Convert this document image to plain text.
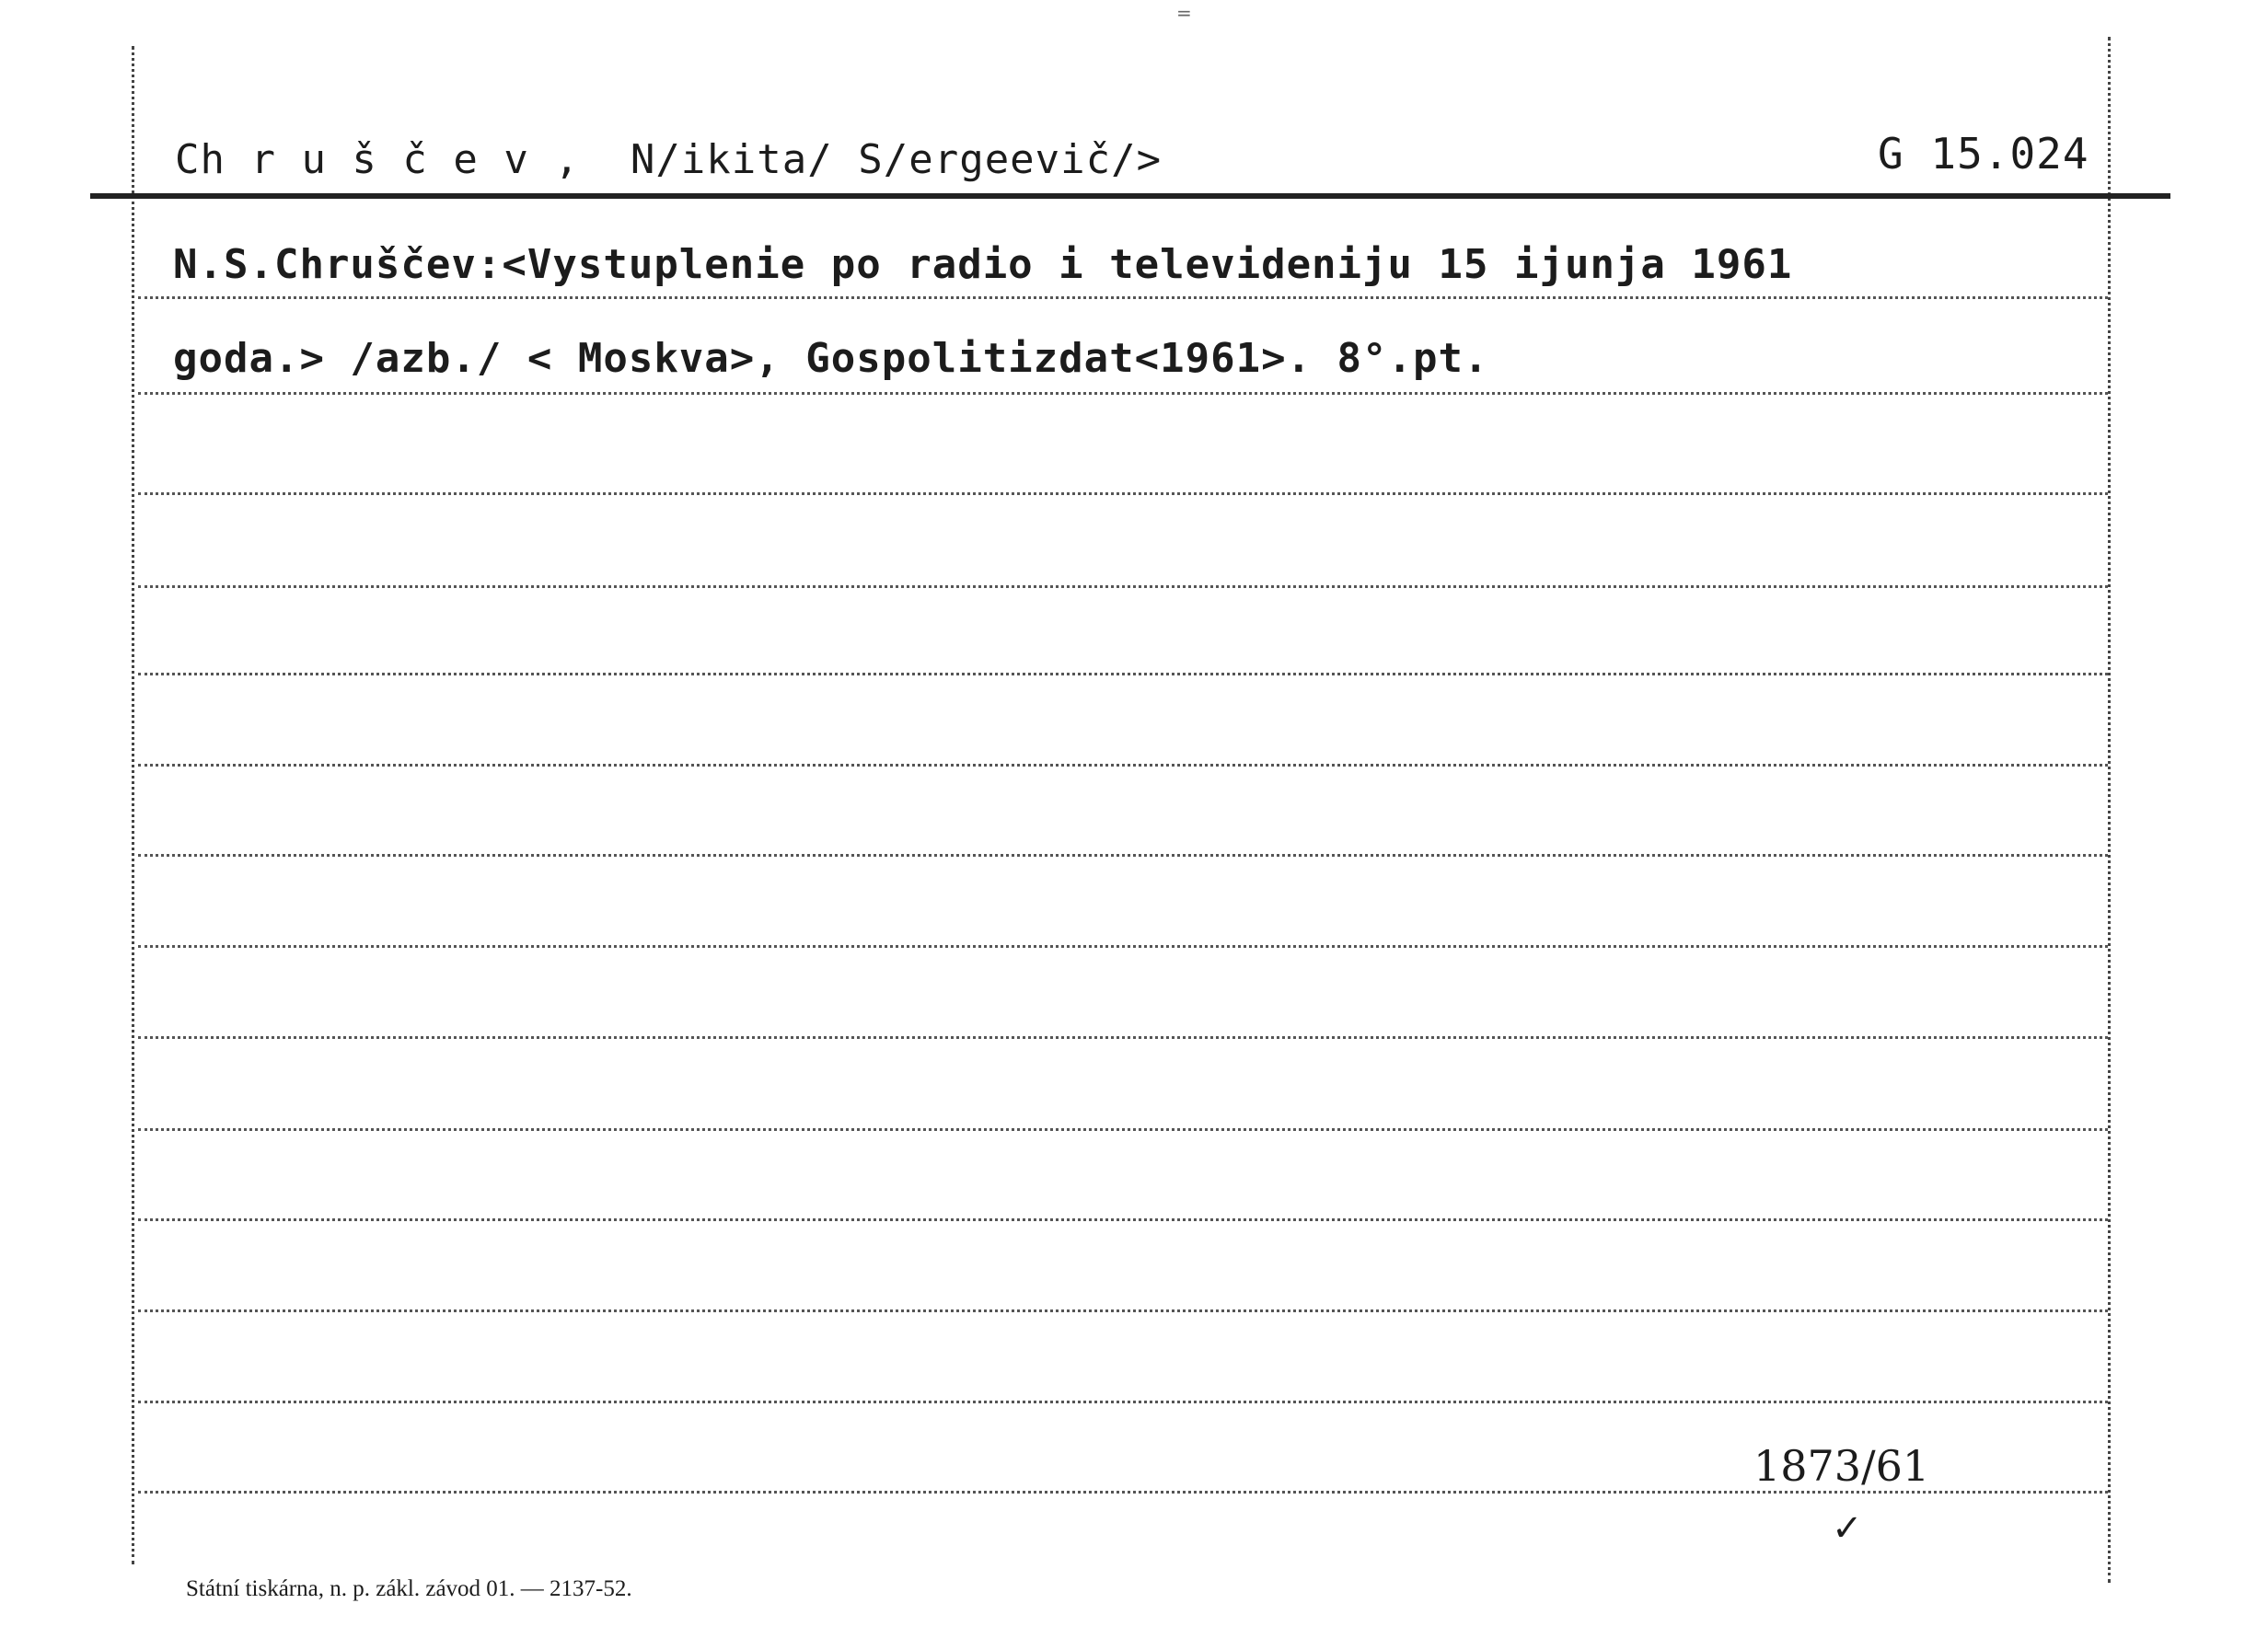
=
Ch r u š č e v ,  N/ikita/ S/ergeevič/>	G 15.024
N.S.Chruščev:<Vystuplenie po radio i televideniju 15 ijunja 1961
goda.> /azb./ < Moskva>, Gospolitizdat<1961>. 8°.pt.
1873/61
✓
Státní tiskárna, n. p. zákl. závod 01. — 2137-52.
